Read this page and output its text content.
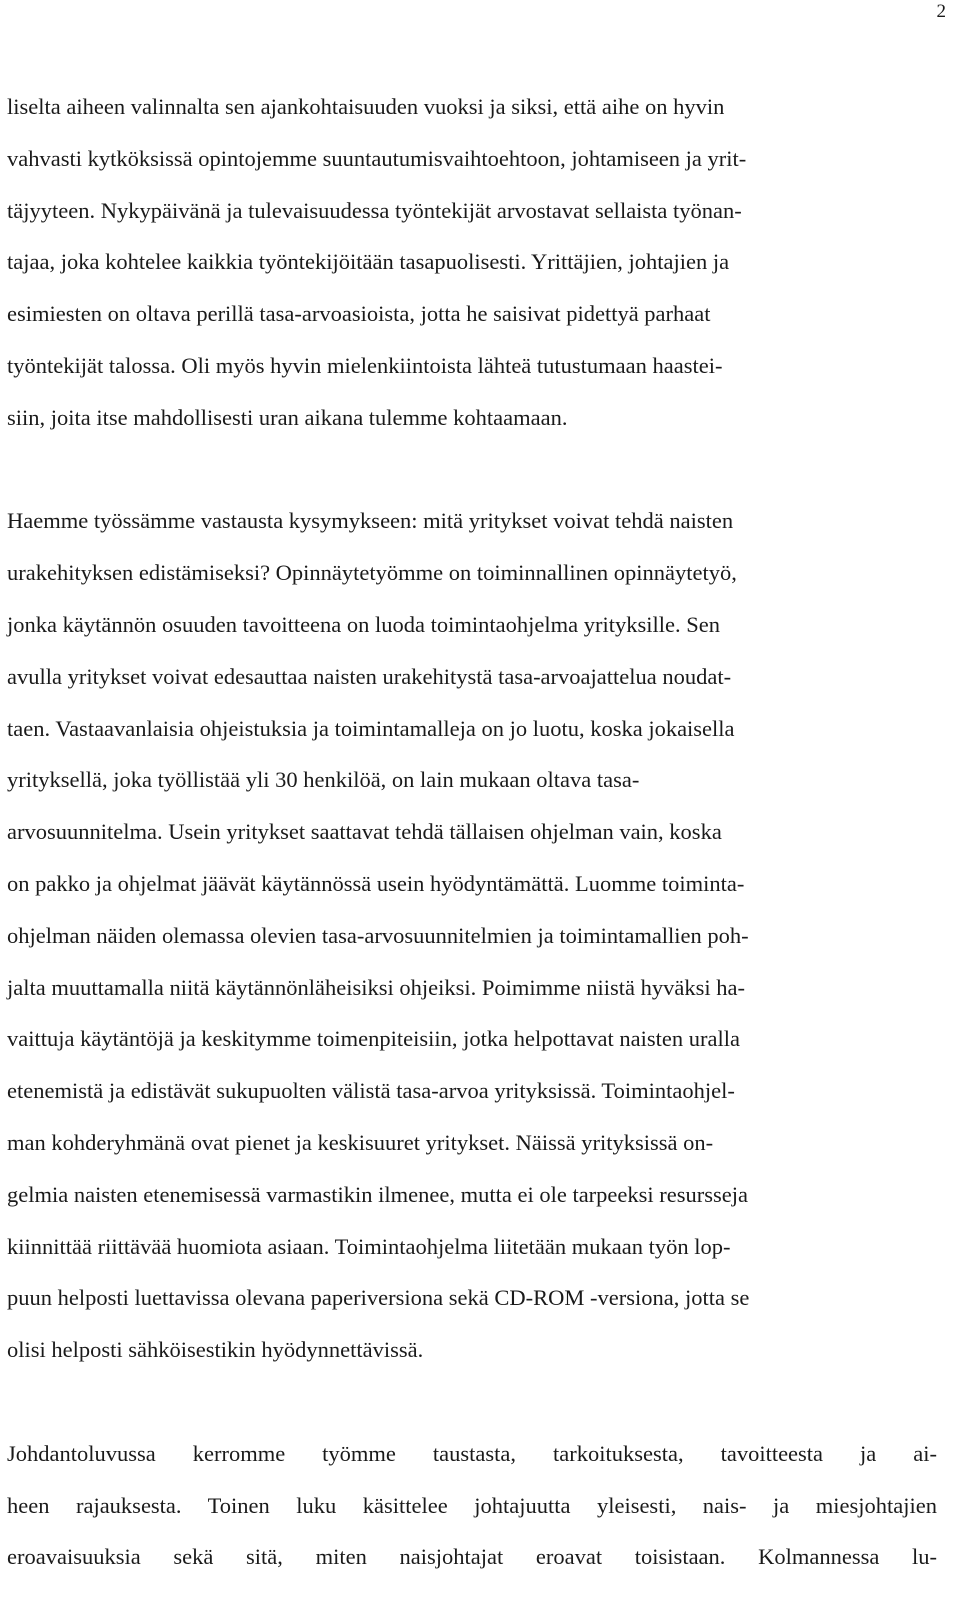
2

liselta aiheen valinnalta sen ajankohtaisuuden vuoksi ja siksi, että aihe on hyvin
vahvasti kytköksissä opintojemme suuntautumisvaihtoehtoon, johtamiseen ja yrit-
täjyyteen. Nykypäivänä ja tulevaisuudessa työntekijät arvostavat sellaista työnan-
tajaa, joka kohtelee kaikkia työntekijöitään tasapuolisesti. Yrittäjien, johtajien ja
esimiesten on oltava perillä tasa-arvoasioista, jotta he saisivat pidettyä parhaat
työntekijät talossa. Oli myös hyvin mielenkiintoista lähteä tutustumaan haastei-
siin, joita itse mahdollisesti uran aikana tulemme kohtaamaan.

Haemme työssämme vastausta kysymykseen: mitä yritykset voivat tehdä naisten
urakehityksen edistämiseksi? Opinnäytetyömme on toiminnallinen opinnäytetyö,
jonka käytännön osuuden tavoitteena on luoda toimintaohjelma yrityksille. Sen
avulla yritykset voivat edesauttaa naisten urakehitystä tasa-arvoajattelua noudat-
taen. Vastaavanlaisia ohjeistuksia ja toimintamalleja on jo luotu, koska jokaisella
yrityksellä, joka työllistää yli 30 henkilöä, on lain mukaan oltava tasa-
arvosuunnitelma. Usein yritykset saattavat tehdä tällaisen ohjelman vain, koska
on pakko ja ohjelmat jäävät käytännössä usein hyödyntämättä. Luomme toiminta-
ohjelman näiden olemassa olevien tasa-arvosuunnitelmien ja toimintamallien poh-
jalta muuttamalla niitä käytännönläheisiksi ohjeiksi. Poimimme niistä hyväksi ha-
vaittuja käytäntöjä ja keskitymme toimenpiteisiin, jotka helpottavat naisten uralla
etenemistä ja edistävät sukupuolten välistä tasa-arvoa yrityksissä. Toimintaohjel-
man kohderyhmänä ovat pienet ja keskisuuret yritykset. Näissä yrityksissä on-
gelmia naisten etenemisessä varmastikin ilmenee, mutta ei ole tarpeeksi resursseja
kiinnittää riittävää huomiota asiaan. Toimintaohjelma liitetään mukaan työn lop-
puun helposti luettavissa olevana paperiversiona sekä CD-ROM -versiona, jotta se
olisi helposti sähköisestikin hyödynnettävissä.

Johdantoluvussa kerromme työmme taustasta, tarkoituksesta, tavoitteesta ja ai-
heen rajauksesta. Toinen luku käsittelee johtajuutta yleisesti, nais- ja miesjohtajien
eroavaisuuksia sekä sitä, miten naisjohtajat eroavat toisistaan. Kolmannessa lu-
